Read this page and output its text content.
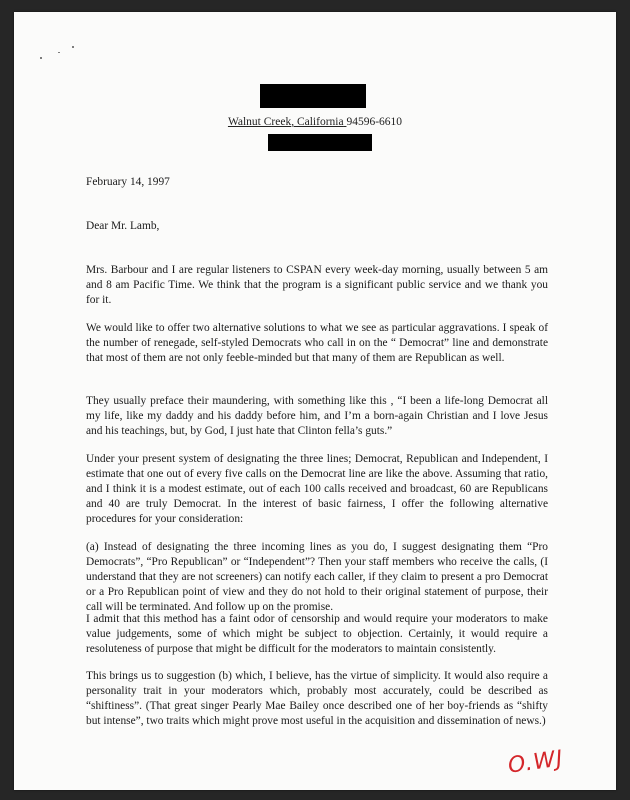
Walnut Creek, California 94596-6610
February 14, 1997
Dear Mr. Lamb,
Mrs. Barbour and I are regular listeners to CSPAN every week-day morning, usually between 5 am and 8 am Pacific Time. We think that the program is a significant public service and we thank you for it.
We would like to offer two alternative solutions to what we see as particular aggravations. I speak of the number of renegade, self-styled Democrats who call in on the “ Democrat” line and demonstrate that most of them are not only feeble-minded but that many of them are Republican as well.
They usually preface their maundering, with something like this , “I been a life-long Democrat all my life, like my daddy and his daddy before him, and I’m a born-again Christian and I love Jesus and his teachings, but, by God, I just hate that Clinton fella’s guts.”
Under your present system of designating the three lines; Democrat, Republican and Independent, I estimate that one out of every five calls on the Democrat line are like the above. Assuming that ratio, and I think it is a modest estimate, out of each 100 calls received and broadcast, 60 are Republicans and 40 are truly Democrat. In the interest of basic fairness, I offer the following alternative procedures for your consideration:
(a) Instead of designating the three incoming lines as you do, I suggest designating them “Pro Democrats”, “Pro Republican” or “Independent”? Then your staff members who receive the calls, (I understand that they are not screeners) can notify each caller, if they claim to present a pro Democrat or a Pro Republican point of view and they do not hold to their original statement of purpose, their call will be terminated. And follow up on the promise.
I admit that this method has a faint odor of censorship and would require your moderators to make value judgements, some of which might be subject to objection. Certainly, it would require a resoluteness of purpose that might be difficult for the moderators to maintain consistently.
This brings us to suggestion (b) which, I believe, has the virtue of simplicity. It would also require a personality trait in your moderators which, probably most accurately, could be described as “shiftiness”. (That great singer Pearly Mae Bailey once described one of her boy-friends as “shifty but intense”, two traits which might prove most useful in the acquisition and dissemination of news.)
O.WJ
